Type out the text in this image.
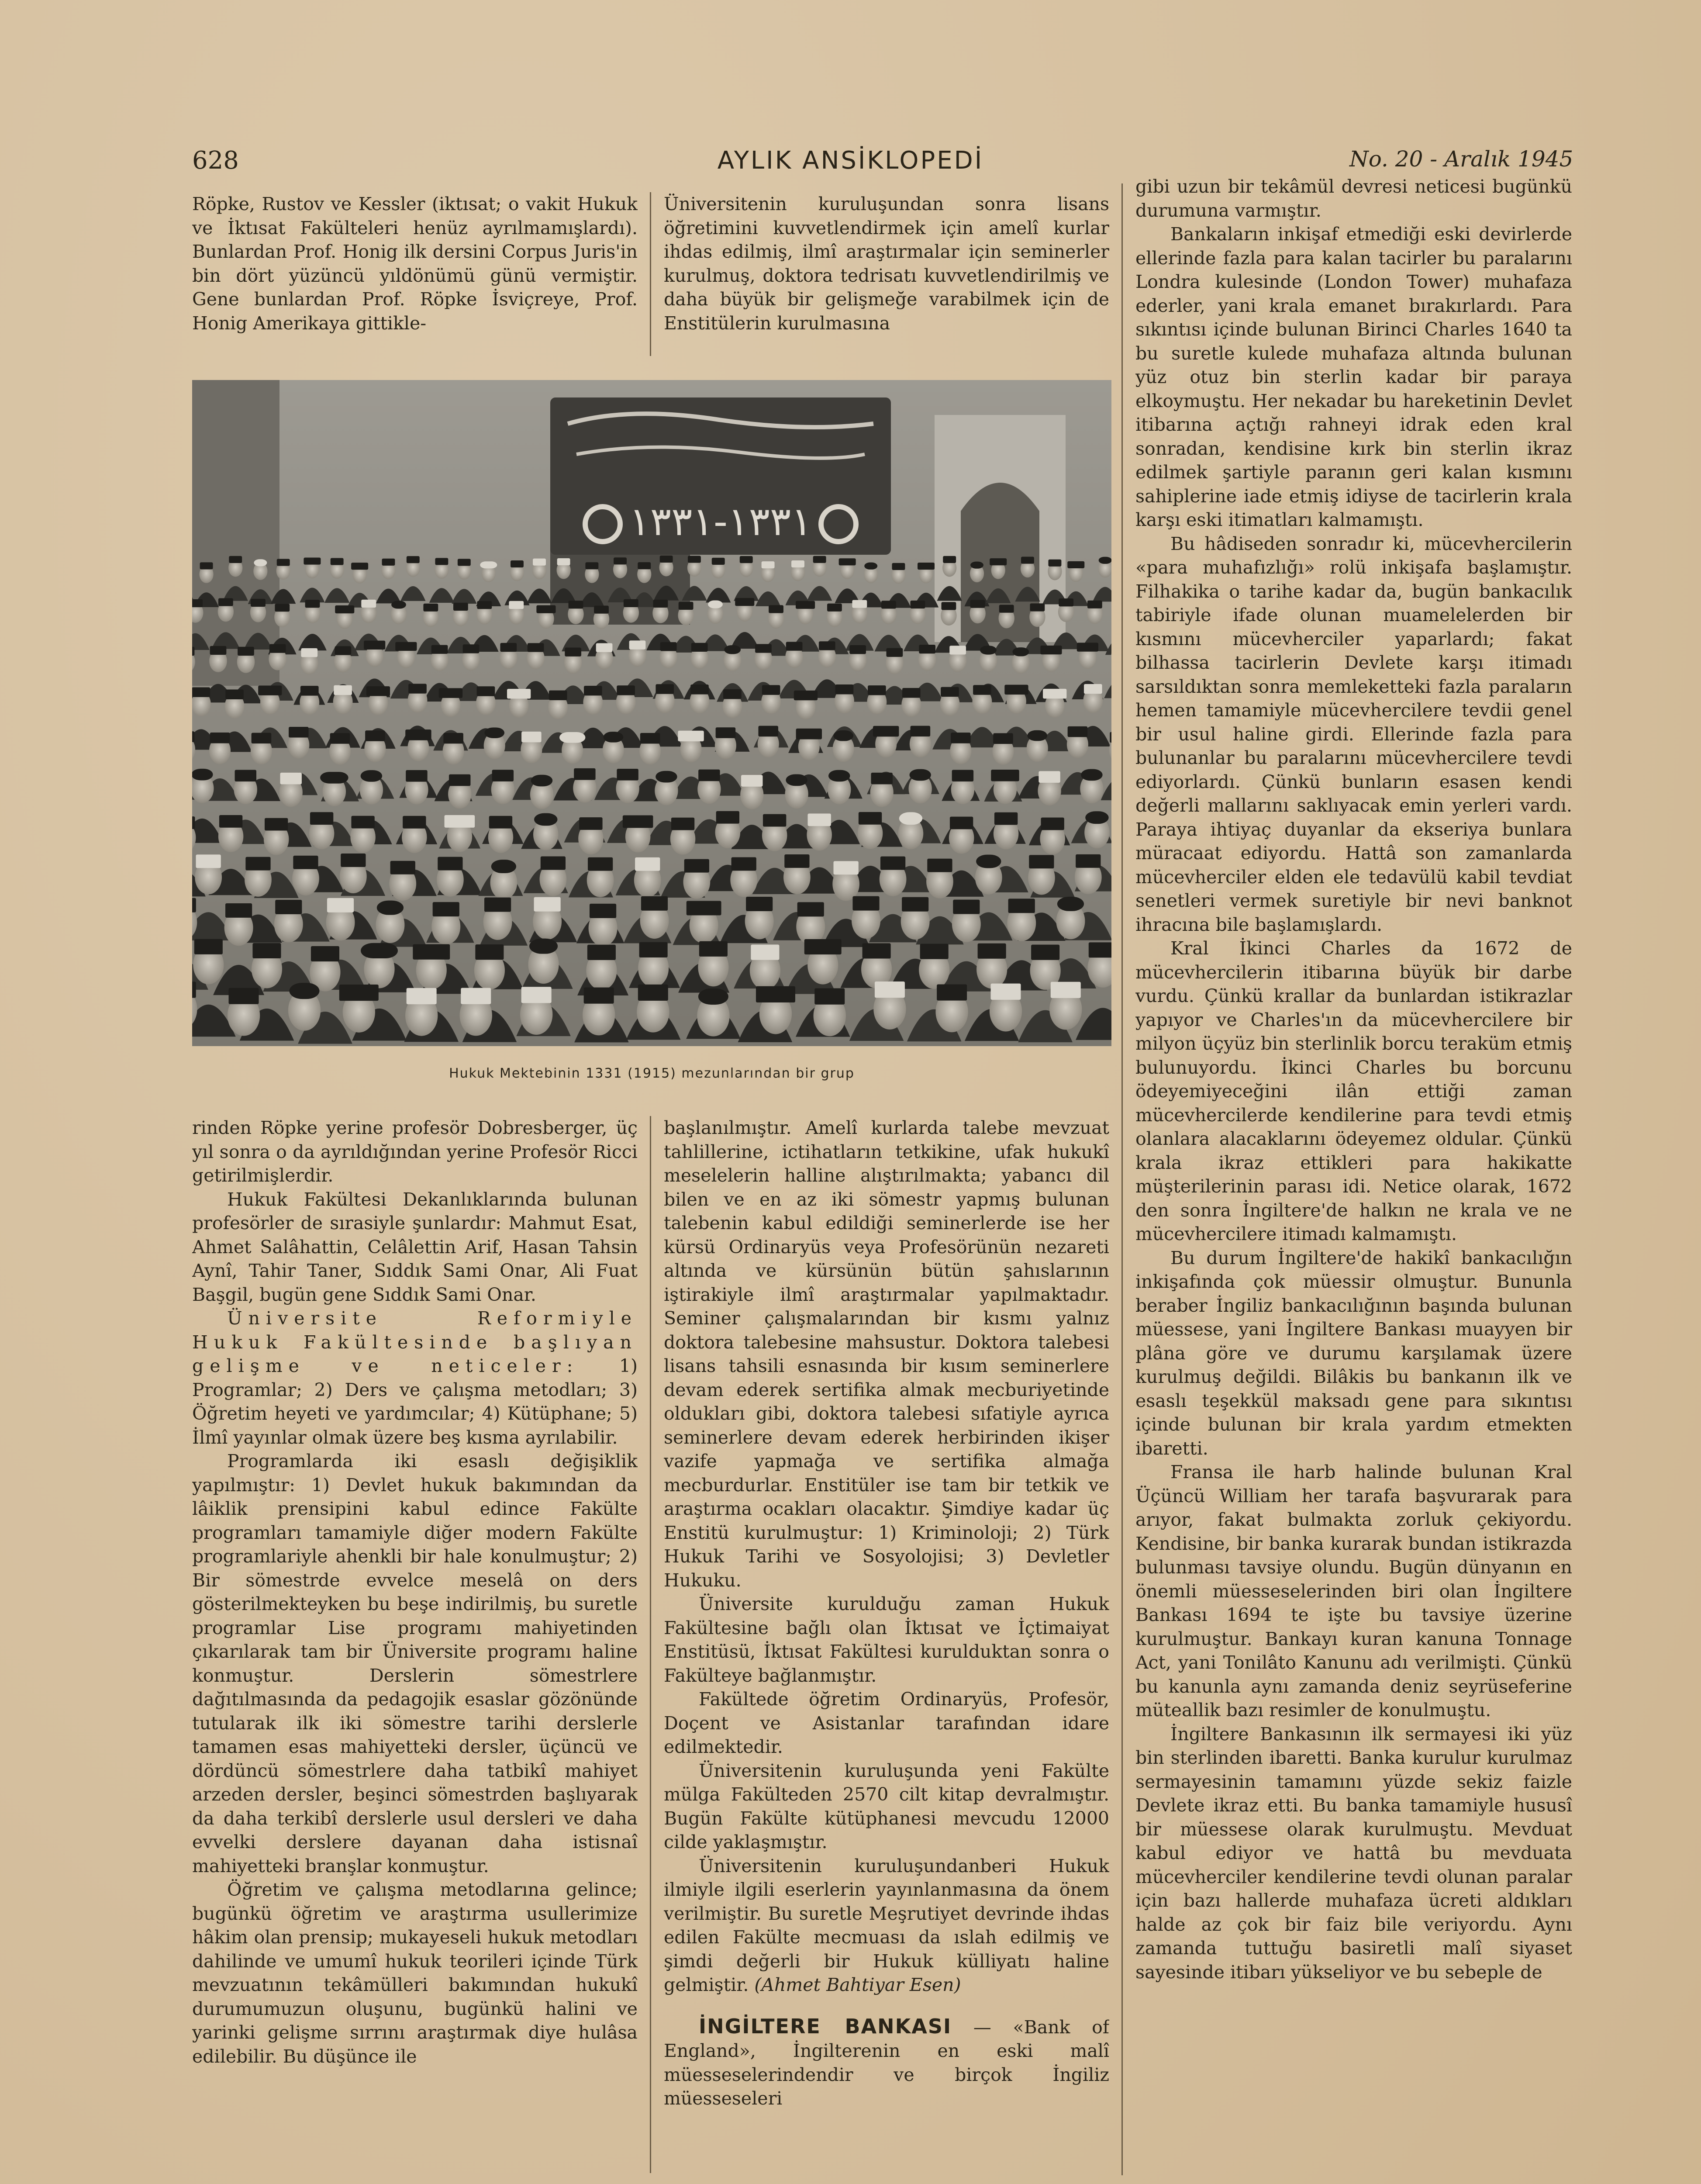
628	AYLIK ANSİKLOPEDİ	No. 20 - Aralık 1945

Röpke, Rustov ve Kessler (iktısat; o vakit Hukuk ve İktısat Fakülteleri henüz ayrılmamışlardı). Bunlardan Prof. Honig ilk dersini Corpus Juris'in bin dört yüzüncü yıldönümü günü vermiştir. Gene bunlardan Prof. Röpke İsviçreye, Prof. Honig Amerikaya gittikle-

Üniversitenin kuruluşundan sonra lisans öğretimini kuvvetlendirmek için amelî kurlar ihdas edilmiş, ilmî araştırmalar için seminerler kurulmuş, doktora tedrisatı kuvvetlendirilmiş ve daha büyük bir gelişmeğe varabilmek için de Enstitülerin kurulmasına

۱۳۳۱-۱۳۳۱
Hukuk Mektebinin 1331 (1915) mezunlarından bir grup

rinden Röpke yerine profesör Dobresberger, üç yıl sonra o da ayrıldığından yerine Profesör Ricci getirilmişlerdir.

Hukuk Fakültesi Dekanlıklarında bulunan profesörler de sırasiyle şunlardır: Mahmut Esat, Ahmet Salâhattin, Celâlettin Arif, Hasan Tahsin Aynî, Tahir Taner, Sıddık Sami Onar, Ali Fuat Başgil, bugün gene Sıddık Sami Onar.

Üniversite Reformiyle Hukuk Fakültesinde başlıyan gelişme ve neticeler: 1) Programlar; 2) Ders ve çalışma metodları; 3) Öğretim heyeti ve yardımcılar; 4) Kütüphane; 5) İlmî yayınlar olmak üzere beş kısma ayrılabilir.

Programlarda iki esaslı değişiklik yapılmıştır: 1) Devlet hukuk bakımından da lâiklik prensipini kabul edince Fakülte programları tamamiyle diğer modern Fakülte programlariyle ahenkli bir hale konulmuştur; 2) Bir sömestrde evvelce meselâ on ders gösterilmekteyken bu beşe indirilmiş, bu suretle programlar Lise programı mahiyetinden çıkarılarak tam bir Üniversite programı haline konmuştur. Derslerin sömestrlere dağıtılmasında da pedagojik esaslar gözönünde tutularak ilk iki sömestre tarihi derslerle tamamen esas mahiyetteki dersler, üçüncü ve dördüncü sömestrlere daha tatbikî mahiyet arzeden dersler, beşinci sömestrden başlıyarak da daha terkibî derslerle usul dersleri ve daha evvelki derslere dayanan daha istisnaî mahiyetteki branşlar konmuştur.

Öğretim ve çalışma metodlarına gelince; bugünkü öğretim ve araştırma usullerimize hâkim olan prensip; mukayeseli hukuk metodları dahilinde ve umumî hukuk teorileri içinde Türk mevzuatının tekâmülleri bakımından hukukî durumumuzun oluşunu, bugünkü halini ve yarinki gelişme sırrını araştırmak diye hulâsa edilebilir. Bu düşünce ile

başlanılmıştır. Amelî kurlarda talebe mevzuat tahlillerine, ictihatların tetkikine, ufak hukukî meselelerin halline alıştırılmakta; yabancı dil bilen ve en az iki sömestr yapmış bulunan talebenin kabul edildiği seminerlerde ise her kürsü Ordinaryüs veya Profesörünün nezareti altında ve kürsünün bütün şahıslarının iştirakiyle ilmî araştırmalar yapılmaktadır. Seminer çalışmalarından bir kısmı yalnız doktora talebesine mahsustur. Doktora talebesi lisans tahsili esnasında bir kısım seminerlere devam ederek sertifika almak mecburiyetinde oldukları gibi, doktora talebesi sıfatiyle ayrıca seminerlere devam ederek herbirinden ikişer vazife yapmağa ve sertifika almağa mecburdurlar. Enstitüler ise tam bir tetkik ve araştırma ocakları olacaktır. Şimdiye kadar üç Enstitü kurulmuştur: 1) Kriminoloji; 2) Türk Hukuk Tarihi ve Sosyolojisi; 3) Devletler Hukuku.

Üniversite kurulduğu zaman Hukuk Fakültesine bağlı olan İktısat ve İçtimaiyat Enstitüsü, İktısat Fakültesi kurulduktan sonra o Fakülteye bağlanmıştır.

Fakültede öğretim Ordinaryüs, Profesör, Doçent ve Asistanlar tarafından idare edilmektedir.

Üniversitenin kuruluşunda yeni Fakülte mülga Fakülteden 2570 cilt kitap devralmıştır. Bugün Fakülte kütüphanesi mevcudu 12000 cilde yaklaşmıştır.

Üniversitenin kuruluşundanberi Hukuk ilmiyle ilgili eserlerin yayınlanmasına da önem verilmiştir. Bu suretle Meşrutiyet devrinde ihdas edilen Fakülte mecmuası da ıslah edilmiş ve şimdi değerli bir Hukuk külliyatı haline gelmiştir. (Ahmet Bahtiyar Esen)

İNGİLTERE BANKASI — «Bank of England», İngilterenin en eski malî müesseselerindendir ve birçok İngiliz müesseseleri

gibi uzun bir tekâmül devresi neticesi bugünkü durumuna varmıştır.

Bankaların inkişaf etmediği eski devirlerde ellerinde fazla para kalan tacirler bu paralarını Londra kulesinde (London Tower) muhafaza ederler, yani krala emanet bırakırlardı. Para sıkıntısı içinde bulunan Birinci Charles 1640 ta bu suretle kulede muhafaza altında bulunan yüz otuz bin sterlin kadar bir paraya elkoymuştu. Her nekadar bu hareketinin Devlet itibarına açtığı rahneyi idrak eden kral sonradan, kendisine kırk bin sterlin ikraz edilmek şartiyle paranın geri kalan kısmını sahiplerine iade etmiş idiyse de tacirlerin krala karşı eski itimatları kalmamıştı.

Bu hâdiseden sonradır ki, mücevhercilerin «para muhafızlığı» rolü inkişafa başlamıştır. Filhakika o tarihe kadar da, bugün bankacılık tabiriyle ifade olunan muamelelerden bir kısmını mücevherciler yaparlardı; fakat bilhassa tacirlerin Devlete karşı itimadı sarsıldıktan sonra memleketteki fazla paraların hemen tamamiyle mücevhercilere tevdii genel bir usul haline girdi. Ellerinde fazla para bulunanlar bu paralarını mücevhercilere tevdi ediyorlardı. Çünkü bunların esasen kendi değerli mallarını saklıyacak emin yerleri vardı. Paraya ihtiyaç duyanlar da ekseriya bunlara müracaat ediyordu. Hattâ son zamanlarda mücevherciler elden ele tedavülü kabil tevdiat senetleri vermek suretiyle bir nevi banknot ihracına bile başlamışlardı.

Kral İkinci Charles da 1672 de mücevhercilerin itibarına büyük bir darbe vurdu. Çünkü krallar da bunlardan istikrazlar yapıyor ve Charles'ın da mücevhercilere bir milyon üçyüz bin sterlinlik borcu teraküm etmiş bulunuyordu. İkinci Charles bu borcunu ödeyemiyeceğini ilân ettiği zaman mücevhercilerde kendilerine para tevdi etmiş olanlara alacaklarını ödeyemez oldular. Çünkü krala ikraz ettikleri para hakikatte müşterilerinin parası idi. Netice olarak, 1672 den sonra İngiltere'de halkın ne krala ve ne mücevhercilere itimadı kalmamıştı.

Bu durum İngiltere'de hakikî bankacılığın inkişafında çok müessir olmuştur. Bununla beraber İngiliz bankacılığının başında bulunan müessese, yani İngiltere Bankası muayyen bir plâna göre ve durumu karşılamak üzere kurulmuş değildi. Bilâkis bu bankanın ilk ve esaslı teşekkül maksadı gene para sıkıntısı içinde bulunan bir krala yardım etmekten ibaretti.

Fransa ile harb halinde bulunan Kral Üçüncü William her tarafa başvurarak para arıyor, fakat bulmakta zorluk çekiyordu. Kendisine, bir banka kurarak bundan istikrazda bulunması tavsiye olundu. Bugün dünyanın en önemli müesseselerinden biri olan İngiltere Bankası 1694 te işte bu tavsiye üzerine kurulmuştur. Bankayı kuran kanuna Tonnage Act, yani Tonilâto Kanunu adı verilmişti. Çünkü bu kanunla aynı zamanda deniz seyrüseferine müteallik bazı resimler de konulmuştu.

İngiltere Bankasının ilk sermayesi iki yüz bin sterlinden ibaretti. Banka kurulur kurulmaz sermayesinin tamamını yüzde sekiz faizle Devlete ikraz etti. Bu banka tamamiyle hususî bir müessese olarak kurulmuştu. Mevduat kabul ediyor ve hattâ bu mevduata mücevherciler kendilerine tevdi olunan paralar için bazı hallerde muhafaza ücreti aldıkları halde az çok bir faiz bile veriyordu. Aynı zamanda tuttuğu basiretli malî siyaset sayesinde itibarı yükseliyor ve bu sebeple de
